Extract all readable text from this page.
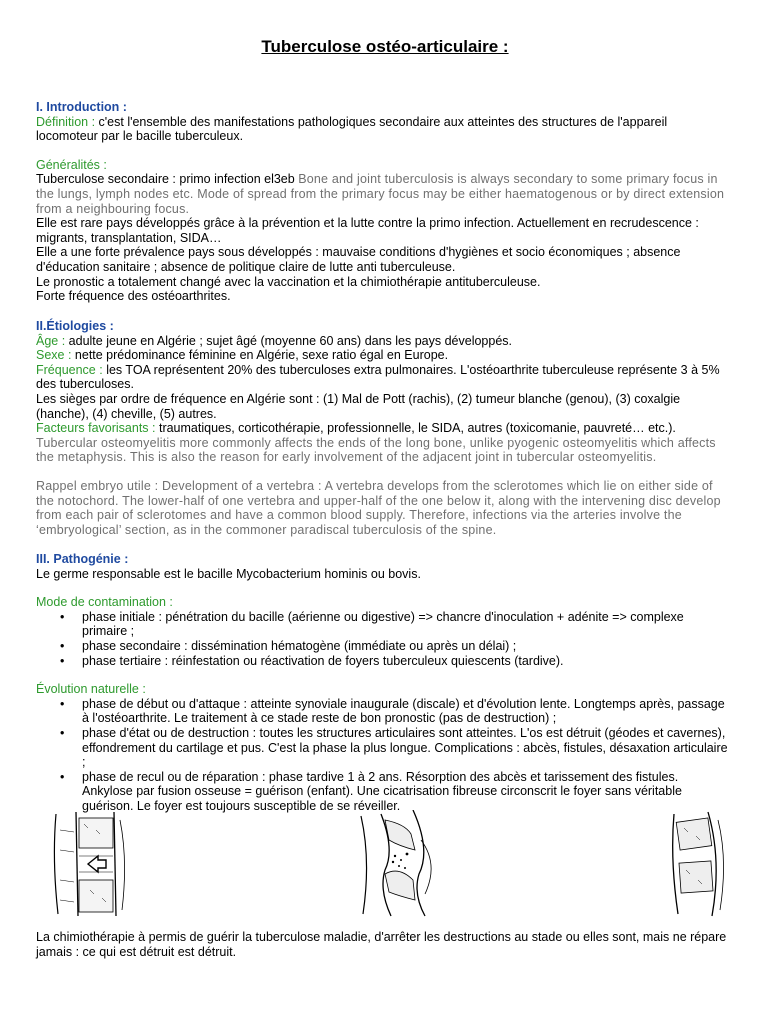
Tuberculose ostéo-articulaire :

I. Introduction :

Définition : c'est l'ensemble des manifestations pathologiques secondaire aux atteintes des structures de l'appareil locomoteur par le bacille tuberculeux.

Généralités :

Tuberculose secondaire : primo infection el3eb Bone and joint tuberculosis is always secondary to some primary focus in the lungs, lymph nodes etc. Mode of spread from the primary focus may be either haematogenous or by direct extension from a neighbouring focus.

Elle est rare pays développés grâce à la prévention et la lutte contre la primo infection. Actuellement en recrudescence : migrants, transplantation, SIDA…

Elle a une forte prévalence pays sous développés : mauvaise conditions d'hygiènes et socio économiques ; absence d'éducation sanitaire ; absence de politique claire de lutte anti tuberculeuse.

Le pronostic a totalement changé avec la vaccination et la chimiothérapie antituberculeuse.

Forte fréquence des ostéoarthrites.

II.Étiologies :

Âge : adulte jeune en Algérie ; sujet âgé (moyenne 60 ans) dans les pays développés.

Sexe : nette prédominance féminine en Algérie, sexe ratio égal en Europe.

Fréquence : les TOA représentent 20% des tuberculoses extra pulmonaires. L'ostéoarthrite tuberculeuse représente 3 à 5% des tuberculoses.

Les sièges par ordre de fréquence en Algérie sont : (1) Mal de Pott (rachis), (2) tumeur blanche (genou), (3) coxalgie (hanche), (4) cheville, (5) autres.

Facteurs favorisants : traumatiques, corticothérapie, professionnelle, le SIDA, autres (toxicomanie, pauvreté… etc.).

Tubercular osteomyelitis more commonly affects the ends of the long bone, unlike pyogenic osteomyelitis which affects the metaphysis. This is also the reason for early involvement of the adjacent joint in tubercular osteomyelitis.

Rappel embryo utile : Development of a vertebra : A vertebra develops from the sclerotomes which lie on either side of the notochord. The lower-half of one vertebra and upper-half of the one below it, along with the intervening disc develop from each pair of sclerotomes and have a common blood supply. Therefore, infections via the arteries involve the ‘embryological’ section, as in the commoner paradiscal tuberculosis of the spine.

III. Pathogénie :

Le germe responsable est le bacille Mycobacterium hominis ou bovis.

Mode de contamination :

• phase initiale : pénétration du bacille (aérienne ou digestive) => chancre d'inoculation + adénite => complexe primaire ;
• phase secondaire : dissémination hématogène (immédiate ou après un délai) ;
• phase tertiaire : réinfestation ou réactivation de foyers tuberculeux quiescents (tardive).

Évolution naturelle :

• phase de début ou d'attaque : atteinte synoviale inaugurale (discale) et d'évolution lente. Longtemps après, passage à l'ostéoarthrite. Le traitement à ce stade reste de bon pronostic (pas de destruction) ;
• phase d'état ou de destruction : toutes les structures articulaires sont atteintes. L'os est détruit (géodes et cavernes), effondrement du cartilage et pus. C'est la phase la plus longue. Complications : abcès, fistules, désaxation articulaire ;
• phase de recul ou de réparation : phase tardive 1 à 2 ans. Résorption des abcès et tarissement des fistules. Ankylose par fusion osseuse = guérison (enfant). Une cicatrisation fibreuse circonscrit le foyer sans véritable guérison. Le foyer est toujours susceptible de se réveiller.

La chimiothérapie à permis de guérir la tuberculose maladie, d'arrêter les destructions au stade ou elles sont, mais ne répare jamais : ce qui est détruit est détruit.
